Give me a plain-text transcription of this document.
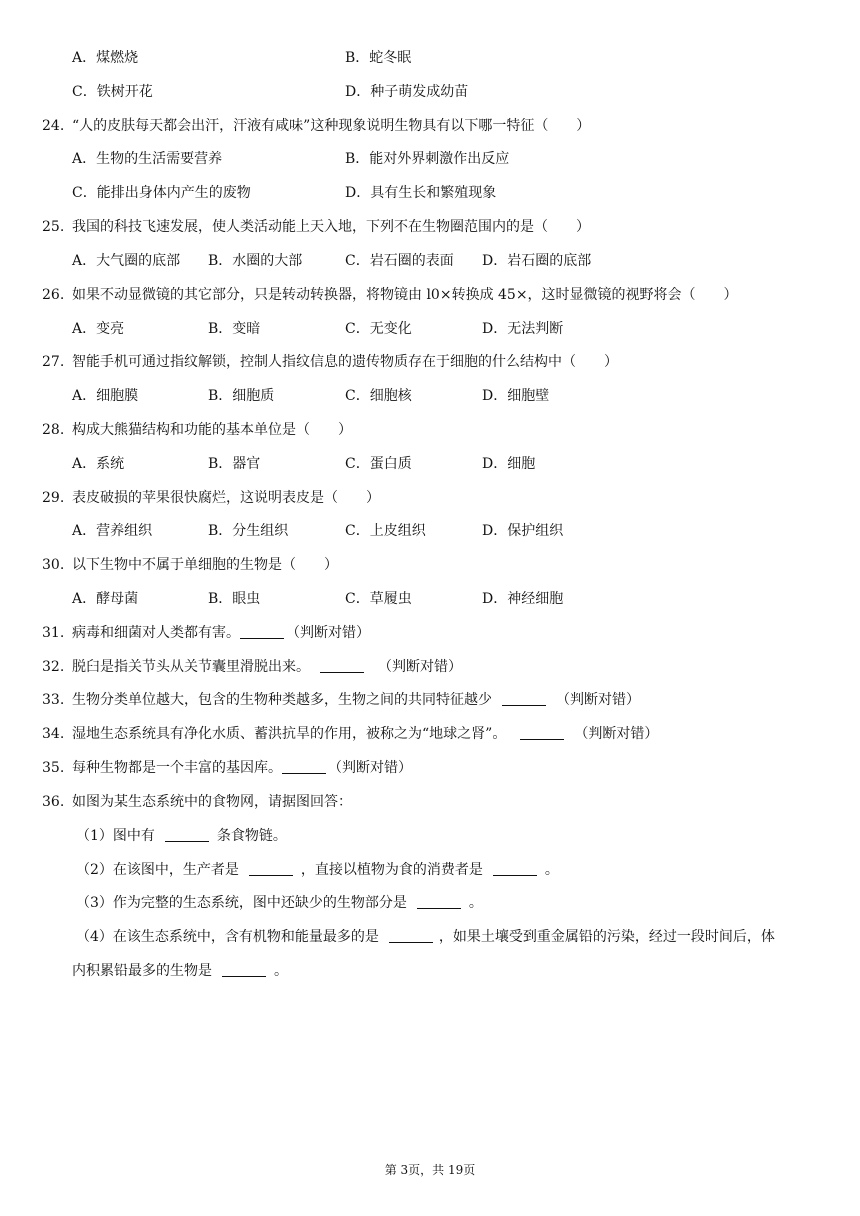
A．煤燃烧	B．蛇冬眠
C．铁树开花	D．种子萌发成幼苗
24. “人的皮肤每天都会出汗，汗液有咸味”这种现象说明生物具有以下哪一特征（　　）
A．生物的生活需要营养	B．能对外界刺激作出反应
C．能排出身体内产生的废物	D．具有生长和繁殖现象
25. 我国的科技飞速发展，使人类活动能上天入地，下列不在生物圈范围内的是（　　）
A．大气圈的底部 B．水圈的大部	C．岩石圈的表面 D．岩石圈的底部
26. 如果不动显微镜的其它部分，只是转动转换器，将物镜由 l0×转换成 45×，这时显微镜的视野将会（　　）
A．变亮	B．变暗	C．无变化	D．无法判断
27. 智能手机可通过指纹解锁，控制人指纹信息的遗传物质存在于细胞的什么结构中（　　）
A．细胞膜	B．细胞质	C．细胞核	D．细胞壁
28. 构成大熊猫结构和功能的基本单位是（　　）
A．系统	B．器官	C．蛋白质	D．细胞
29. 表皮破损的苹果很快腐烂，这说明表皮是（　　）
A．营养组织	B．分生组织	C．上皮组织	D．保护组织
30. 以下生物中不属于单细胞的生物是（　　）
A．酵母菌	B．眼虫	C．草履虫	D．神经细胞
31. 病毒和细菌对人类都有害。	（判断对错）
32. 脱臼是指关节头从关节囊里滑脱出来。	（判断对错）
33. 生物分类单位越大，包含的生物种类越多，生物之间的共同特征越少	（判断对错）
34. 湿地生态系统具有净化水质、蓄洪抗旱的作用，被称之为“地球之肾”。	（判断对错）
35. 每种生物都是一个丰富的基因库。	（判断对错）
36. 如图为某生态系统中的食物网，请据图回答：
（1）图中有	条食物链。
（2）在该图中，生产者是	，直接以植物为食的消费者是	。
（3）作为完整的生态系统，图中还缺少的生物部分是	。
（4）在该生态系统中，含有机物和能量最多的是	，如果土壤受到重金属铅的污染，经过一段时间后，体
内积累铅最多的生物是	。
第 3页，共 19页
